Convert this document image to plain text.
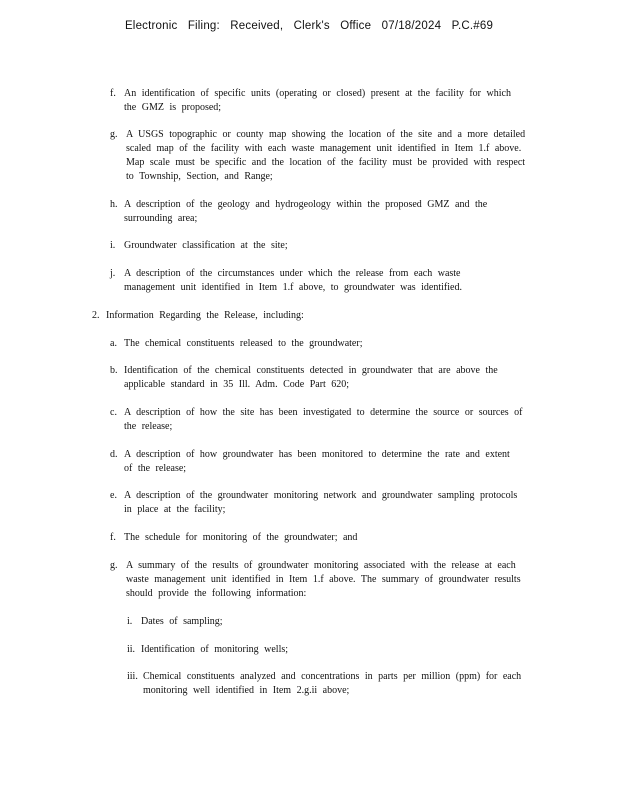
Electronic Filing: Received, Clerk's Office 07/18/2024 P.C.#69
f. An identification of specific units (operating or closed) present at the facility for which the GMZ is proposed;
g. A USGS topographic or county map showing the location of the site and a more detailed scaled map of the facility with each waste management unit identified in Item 1.f above. Map scale must be specific and the location of the facility must be provided with respect to Township, Section, and Range;
h. A description of the geology and hydrogeology within the proposed GMZ and the surrounding area;
i. Groundwater classification at the site;
j. A description of the circumstances under which the release from each waste management unit identified in Item 1.f above, to groundwater was identified.
2. Information Regarding the Release, including:
a. The chemical constituents released to the groundwater;
b. Identification of the chemical constituents detected in groundwater that are above the applicable standard in 35 Ill. Adm. Code Part 620;
c. A description of how the site has been investigated to determine the source or sources of the release;
d. A description of how groundwater has been monitored to determine the rate and extent of the release;
e. A description of the groundwater monitoring network and groundwater sampling protocols in place at the facility;
f. The schedule for monitoring of the groundwater; and
g. A summary of the results of groundwater monitoring associated with the release at each waste management unit identified in Item 1.f above. The summary of groundwater results should provide the following information:
i. Dates of sampling;
ii. Identification of monitoring wells;
iii. Chemical constituents analyzed and concentrations in parts per million (ppm) for each monitoring well identified in Item 2.g.ii above;
